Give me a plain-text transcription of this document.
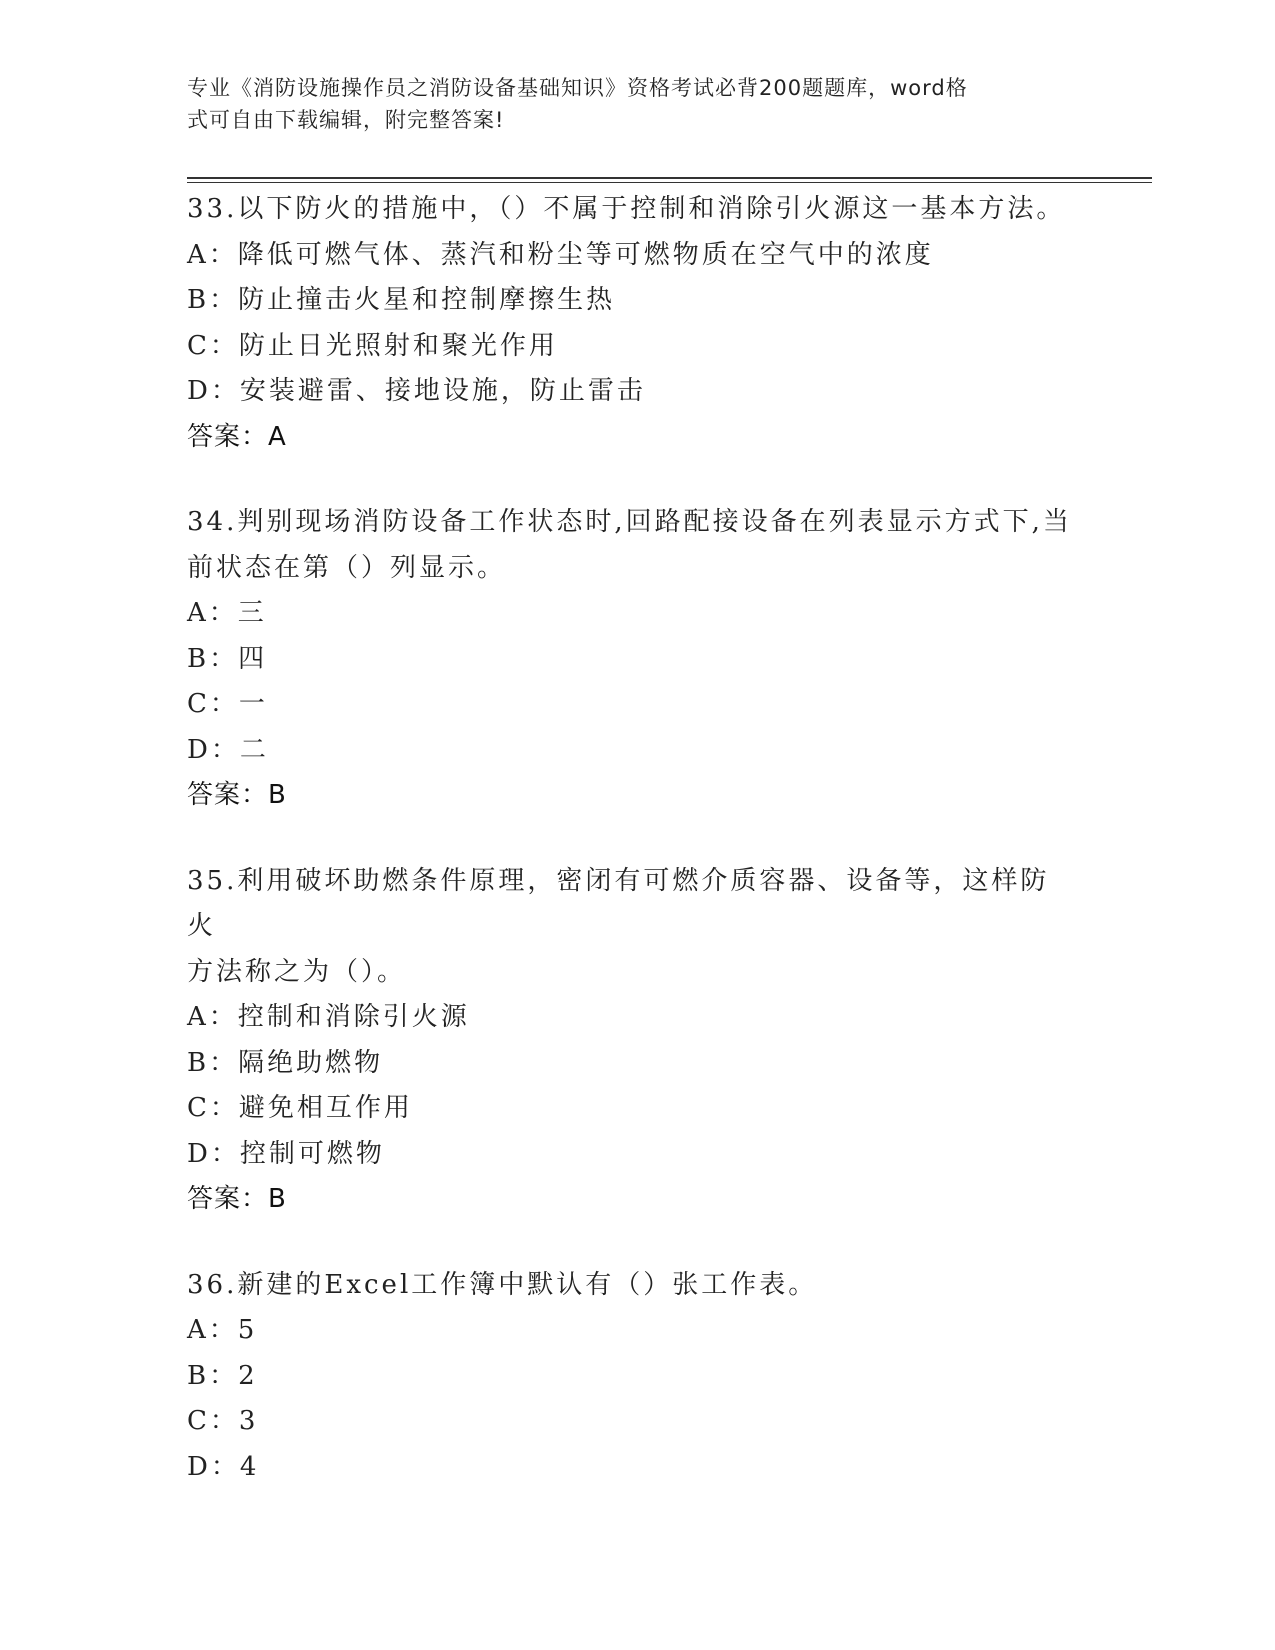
专业《消防设施操作员之消防设备基础知识》资格考试必背200题题库，word格
式可自由下载编辑，附完整答案!
33.以下防火的措施中，（）不属于控制和消除引火源这一基本方法。
A：降低可燃气体、蒸汽和粉尘等可燃物质在空气中的浓度
B：防止撞击火星和控制摩擦生热
C：防止日光照射和聚光作用
D：安装避雷、接地设施，防止雷击
答案：A
34.判别现场消防设备工作状态时,回路配接设备在列表显示方式下,当
前状态在第（）列显示。
A：三
B：四
C：一
D：二
答案：B
35.利用破坏助燃条件原理，密闭有可燃介质容器、设备等，这样防火
方法称之为（）。
A：控制和消除引火源
B：隔绝助燃物
C：避免相互作用
D：控制可燃物
答案：B
36.新建的Excel工作簿中默认有（）张工作表。
A：5
B：2
C：3
D：4
